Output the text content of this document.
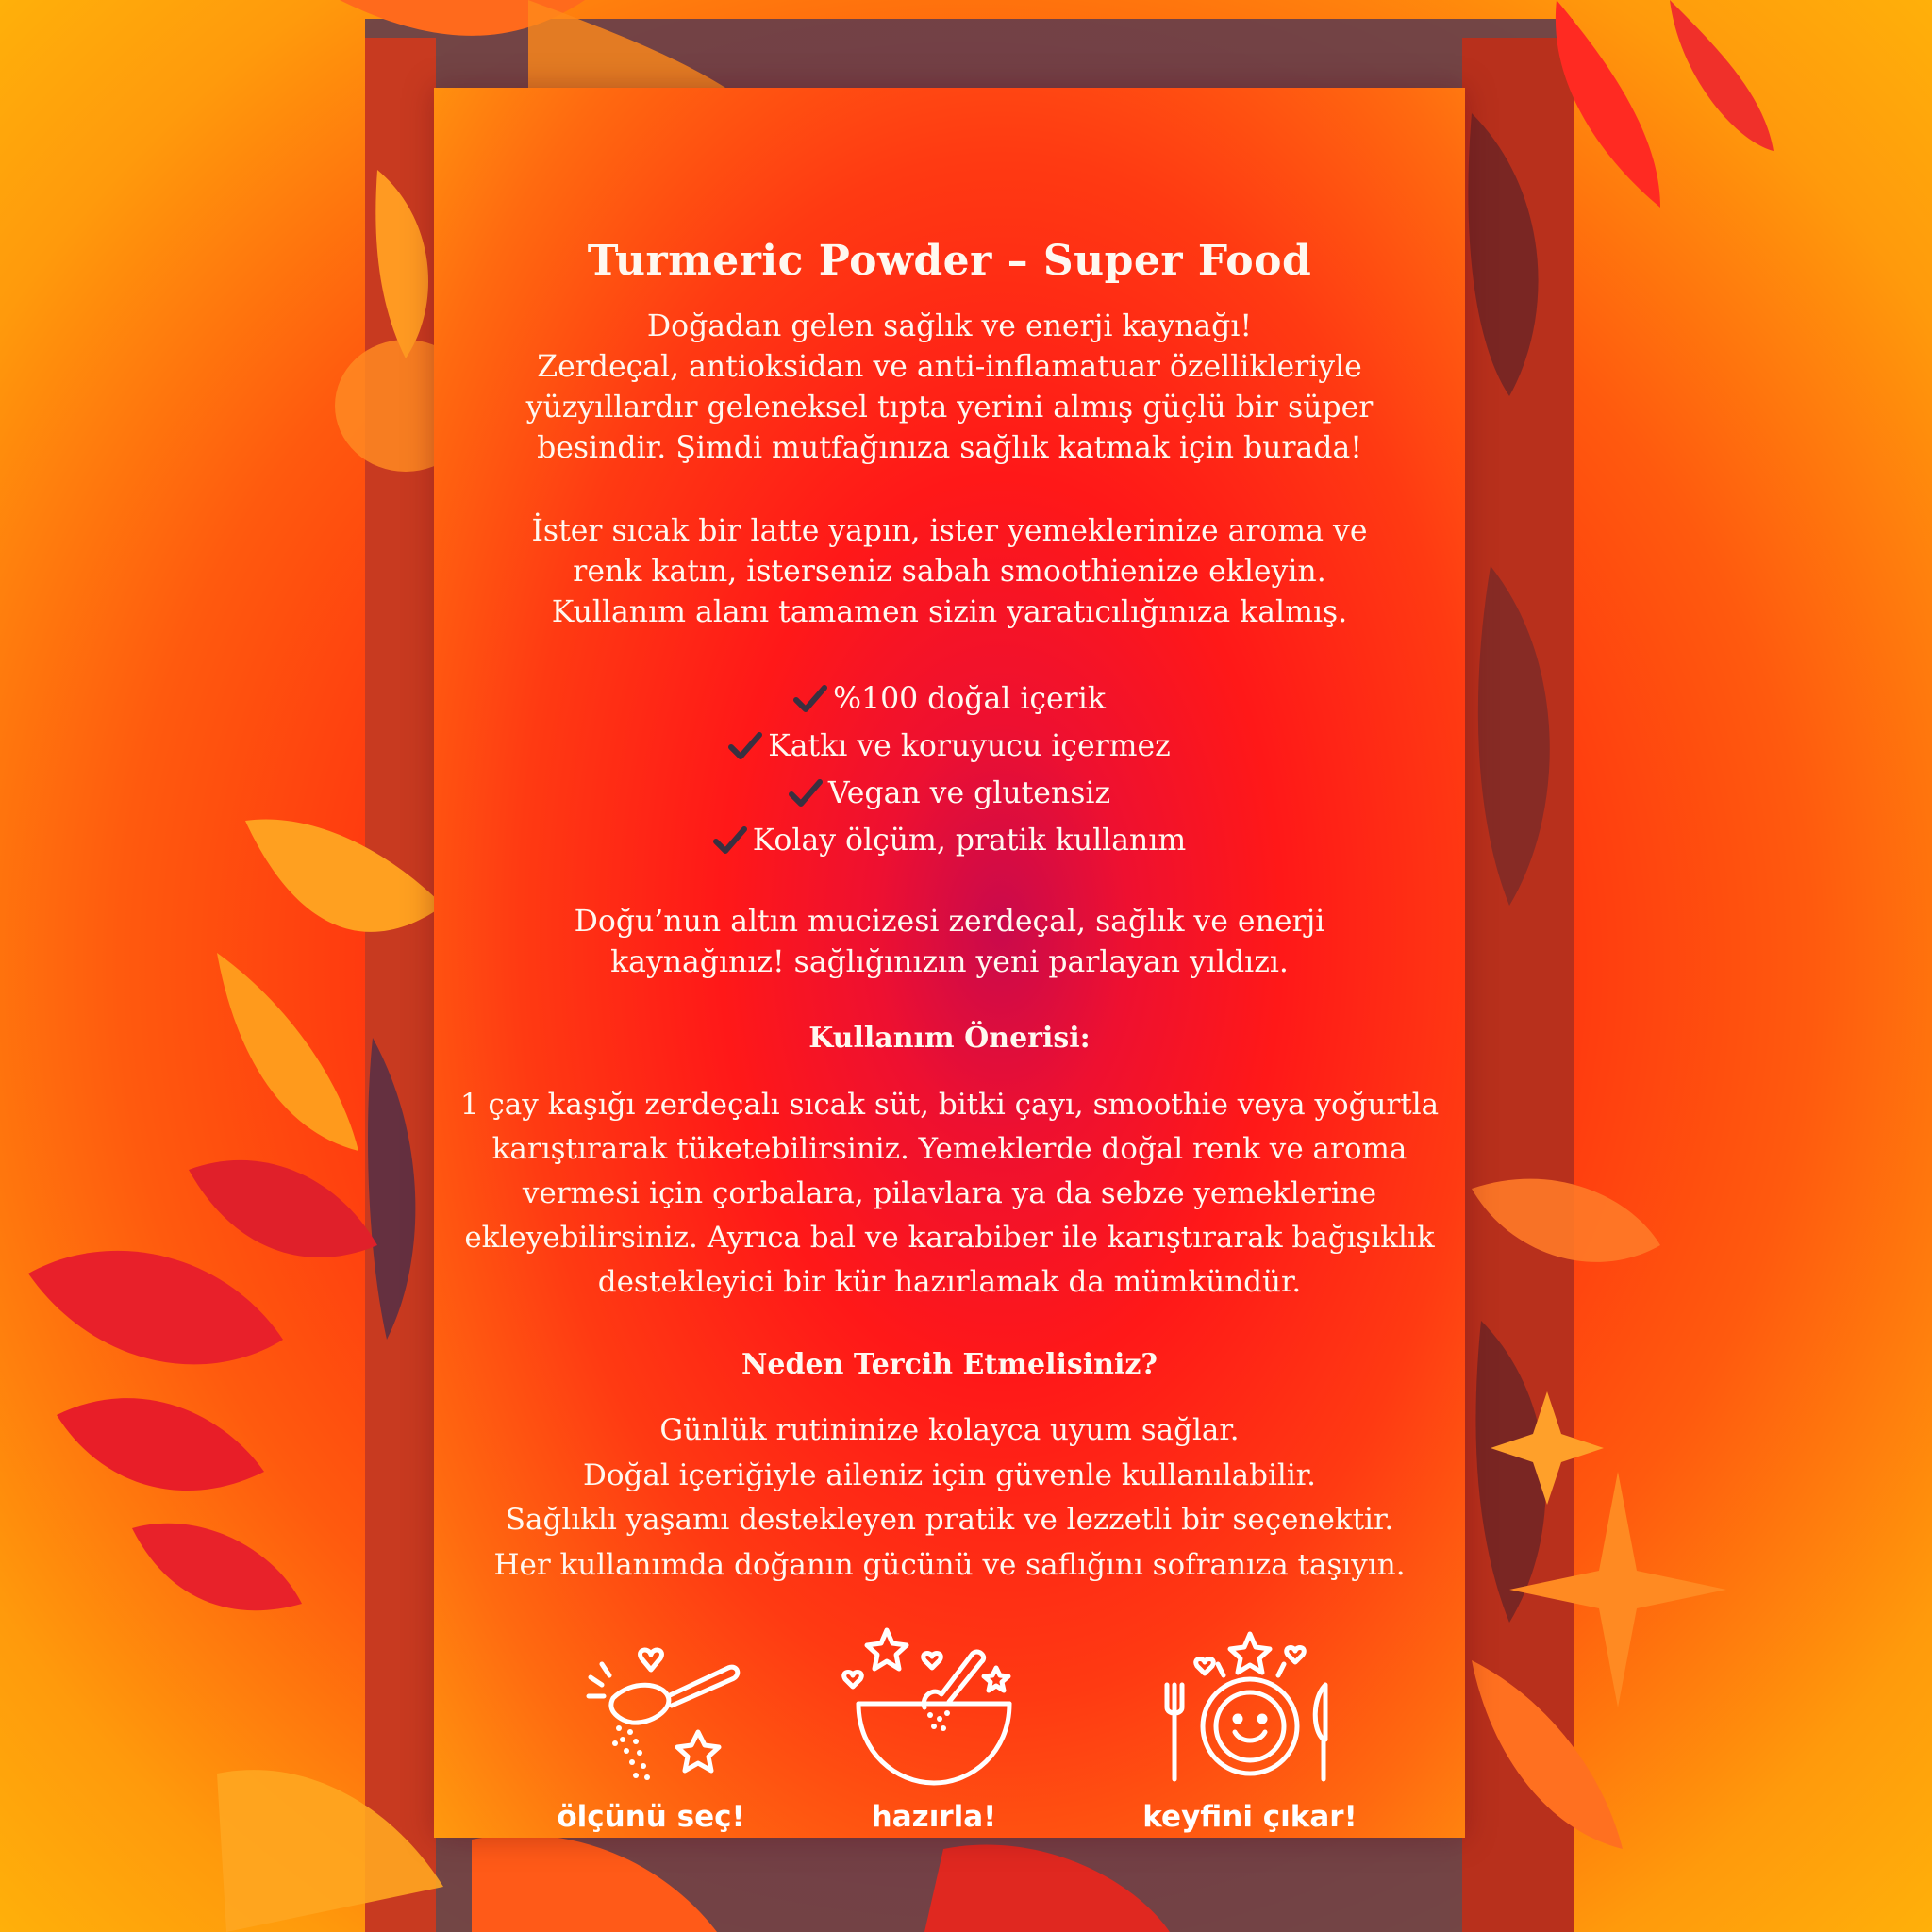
Turmeric Powder – Super Food

Doğadan gelen sağlık ve enerji kaynağı!
Zerdeçal, antioksidan ve anti-inflamatuar özellikleriyle
yüzyıllardır geleneksel tıpta yerini almış güçlü bir süper
besindir. Şimdi mutfağınıza sağlık katmak için burada!

İster sıcak bir latte yapın, ister yemeklerinize aroma ve
renk katın, isterseniz sabah smoothienize ekleyin.
Kullanım alanı tamamen sizin yaratıcılığınıza kalmış.

%100 doğal içerik
Katkı ve koruyucu içermez
Vegan ve glutensiz
Kolay ölçüm, pratik kullanım

Doğu’nun altın mucizesi zerdeçal, sağlık ve enerji
kaynağınız! sağlığınızın yeni parlayan yıldızı.

Kullanım Önerisi:

1 çay kaşığı zerdeçalı sıcak süt, bitki çayı, smoothie veya yoğurtla
karıştırarak tüketebilirsiniz. Yemeklerde doğal renk ve aroma
vermesi için çorbalara, pilavlara ya da sebze yemeklerine
ekleyebilirsiniz. Ayrıca bal ve karabiber ile karıştırarak bağışıklık
destekleyici bir kür hazırlamak da mümkündür.

Neden Tercih Etmelisiniz?

Günlük rutininize kolayca uyum sağlar.
Doğal içeriğiyle aileniz için güvenle kullanılabilir.
Sağlıklı yaşamı destekleyen pratik ve lezzetli bir seçenektir.
Her kullanımda doğanın gücünü ve saflığını sofranıza taşıyın.

ölçünü seç!	hazırla!	keyfini çıkar!
